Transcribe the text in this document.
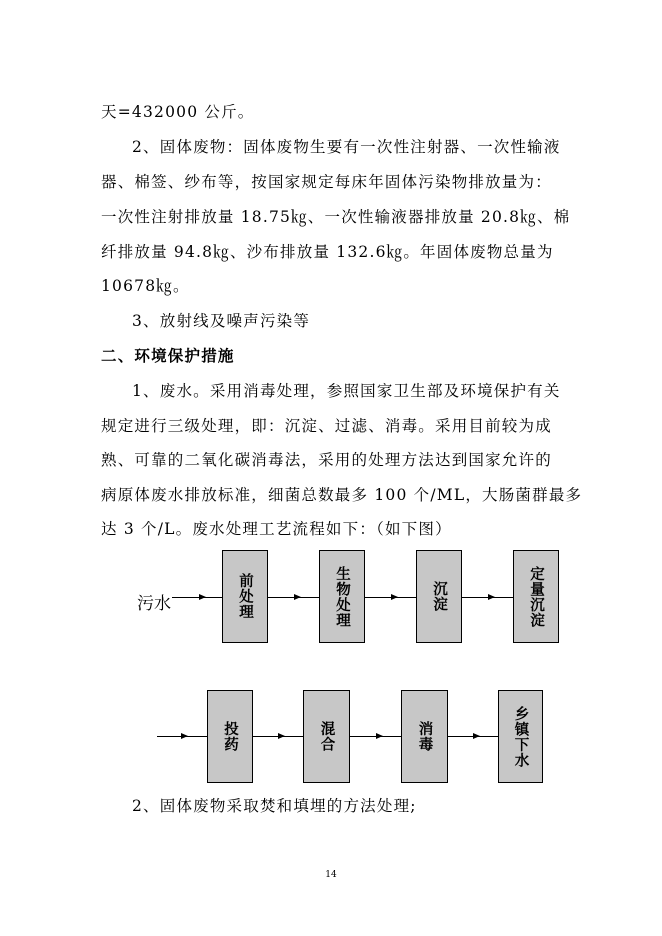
天=432000 公斤。
2、固体废物：固体废物生要有一次性注射器、一次性输液
器、棉签、纱布等，按国家规定每床年固体污染物排放量为：
一次性注射排放量 18.75㎏、一次性输液器排放量 20.8㎏、棉
纤排放量 94.8㎏、沙布排放量 132.6㎏。年固体废物总量为
10678㎏。
3、放射线及噪声污染等
二、环境保护措施
1、废水。采用消毒处理，参照国家卫生部及环境保护有关
规定进行三级处理，即：沉淀、过滤、消毒。采用目前较为成
熟、可靠的二氧化碳消毒法，采用的处理方法达到国家允许的
病原体废水排放标准，细菌总数最多 100 个/ML，大肠菌群最多
达 3 个/L。废水处理工艺流程如下：（如下图）
污水	前处理	生物处理	沉淀	定量沉淀
投药	混合	消毒	乡镇下水
2、固体废物采取焚和填埋的方法处理;
14
